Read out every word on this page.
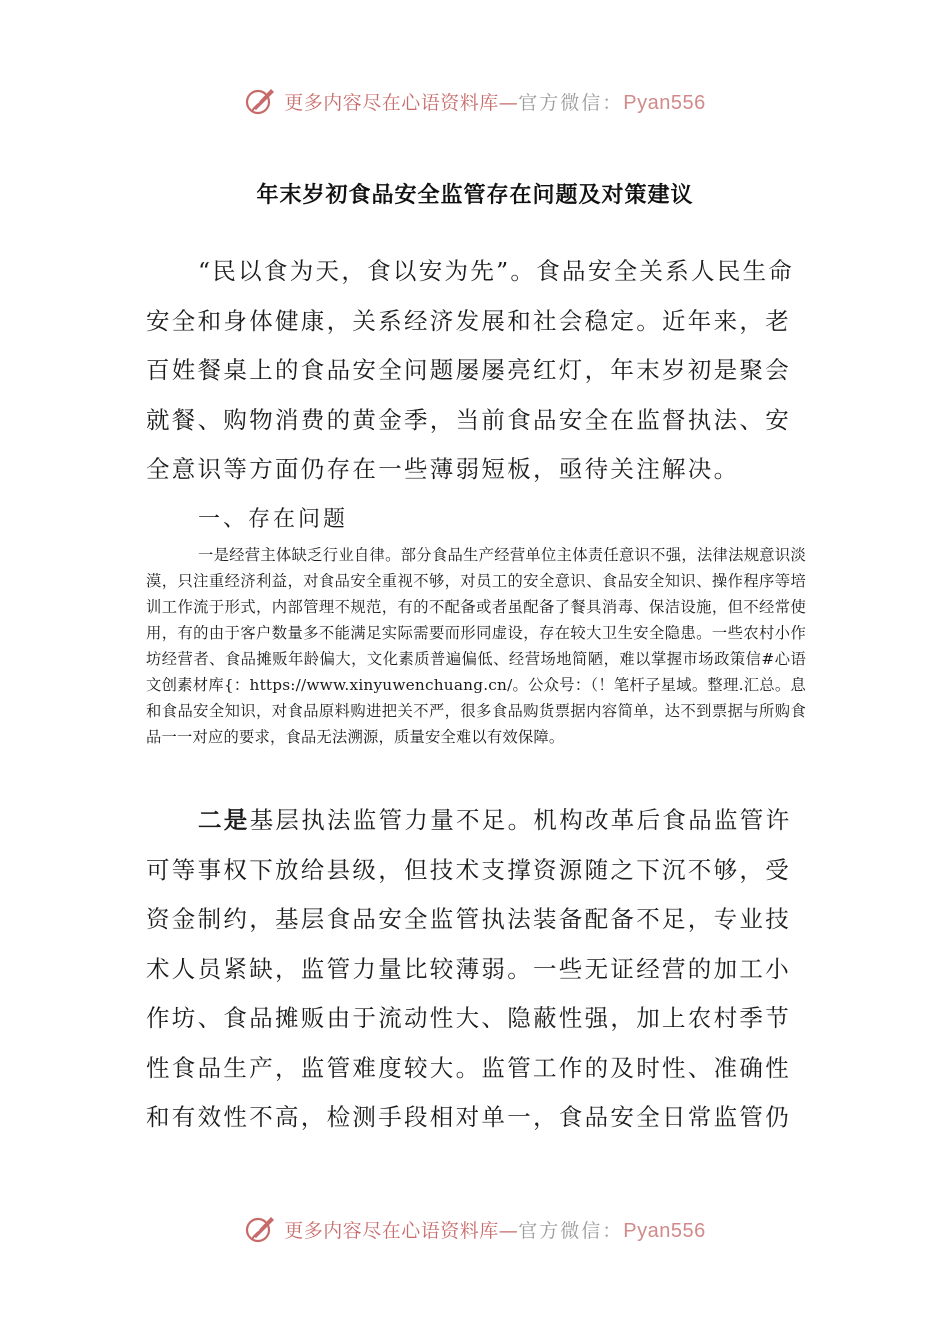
更多内容尽在心语资料库—官方微信：Pyan556
年末岁初食品安全监管存在问题及对策建议
“民以食为天，食以安为先”。食品安全关系人民生命安全和身体健康，关系经济发展和社会稳定。近年来，老百姓餐桌上的食品安全问题屡屡亮红灯，年末岁初是聚会就餐、购物消费的黄金季，当前食品安全在监督执法、安全意识等方面仍存在一些薄弱短板，亟待关注解决。
一、存在问题
一是经营主体缺乏行业自律。部分食品生产经营单位主体责任意识不强，法律法规意识淡漠，只注重经济利益，对食品安全重视不够，对员工的安全意识、食品安全知识、操作程序等培训工作流于形式，内部管理不规范，有的不配备或者虽配备了餐具消毒、保洁设施，但不经常使用，有的由于客户数量多不能满足实际需要而形同虚设，存在较大卫生安全隐患。一些农村小作坊经营者、食品摊贩年龄偏大，文化素质普遍偏低、经营场地简陋，难以掌握市场政策信#心语文创素材库{：https://www.xinyuwenchuang.cn/。公众号：（！笔杆子星域。整理.汇总。息和食品安全知识，对食品原料购进把关不严，很多食品购货票据内容简单，达不到票据与所购食品一一对应的要求，食品无法溯源，质量安全难以有效保障。
二是基层执法监管力量不足。机构改革后食品监管许可等事权下放给县级，但技术支撑资源随之下沉不够，受资金制约，基层食品安全监管执法装备配备不足，专业技术人员紧缺，监管力量比较薄弱。一些无证经营的加工小作坊、食品摊贩由于流动性大、隐蔽性强，加上农村季节性食品生产，监管难度较大。监管工作的及时性、准确性和有效性不高，检测手段相对单一，食品安全日常监管仍
更多内容尽在心语资料库—官方微信：Pyan556
